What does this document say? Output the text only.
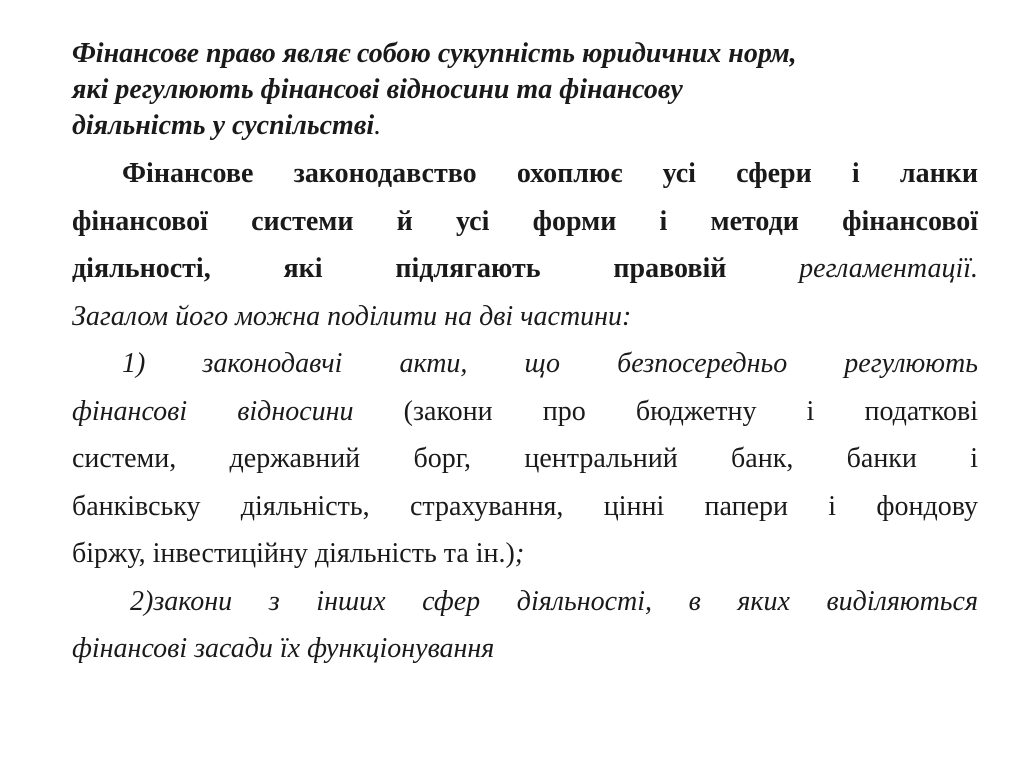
Фінансове право являє собою сукупність юридичних норм,
які регулюють фінансові відносини та фінансову
діяльність у суспільстві.
Фінансове законодавство охоплює усі сфери і ланки
фінансової системи й усі форми і методи фінансової
діяльності, які підлягають правовій	регламентації.
Загалом його можна поділити на дві частини:
1) законодавчі акти, що безпосередньо регулюють
фінансові відносини (закони про бюджетну і податкові
системи, державний борг, центральний банк, банки і
банківську діяльність, страхування, цінні папери і фондову
біржу, інвестиційну діяльність та ін.);
2)закони з інших сфер діяльності, в яких виділяються
фінансові засади їх функціонування
